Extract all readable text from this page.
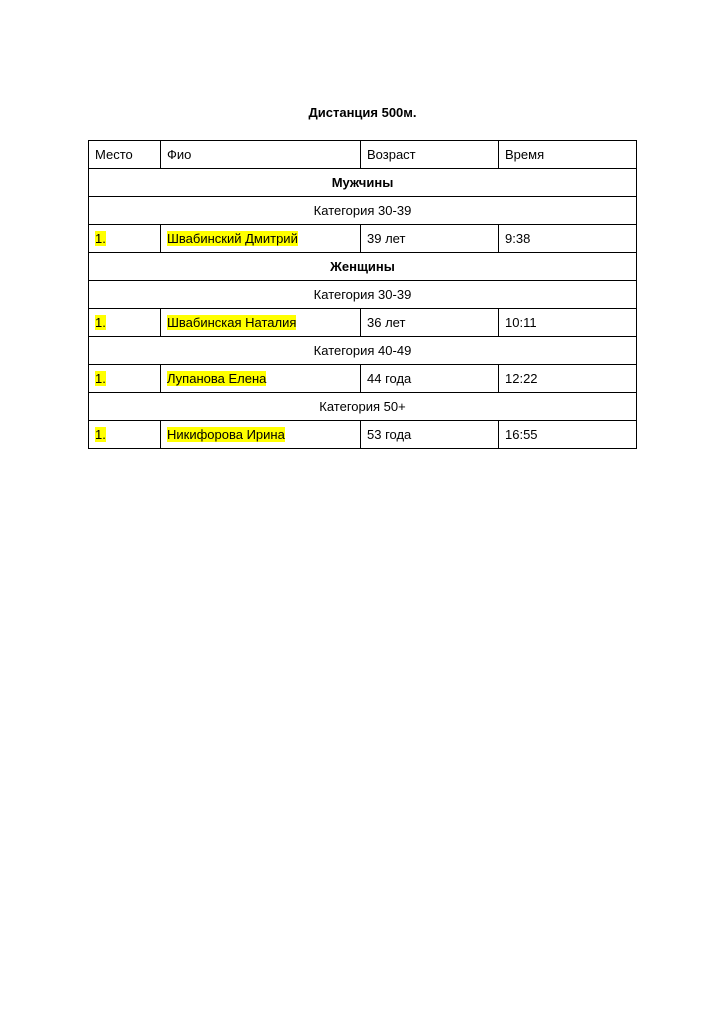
Дистанция 500м.
Место	Фио	Возраст	Время
Мужчины			
Категория 30-39			
1.	Швабинский Дмитрий	39 лет	9:38
Женщины			
Категория 30-39			
1.	Швабинская Наталия	36 лет	10:11
Категория 40-49			
1.	Лупанова Елена	44 года	12:22
Категория 50+			
1.	Никифорова Ирина	53 года	16:55
